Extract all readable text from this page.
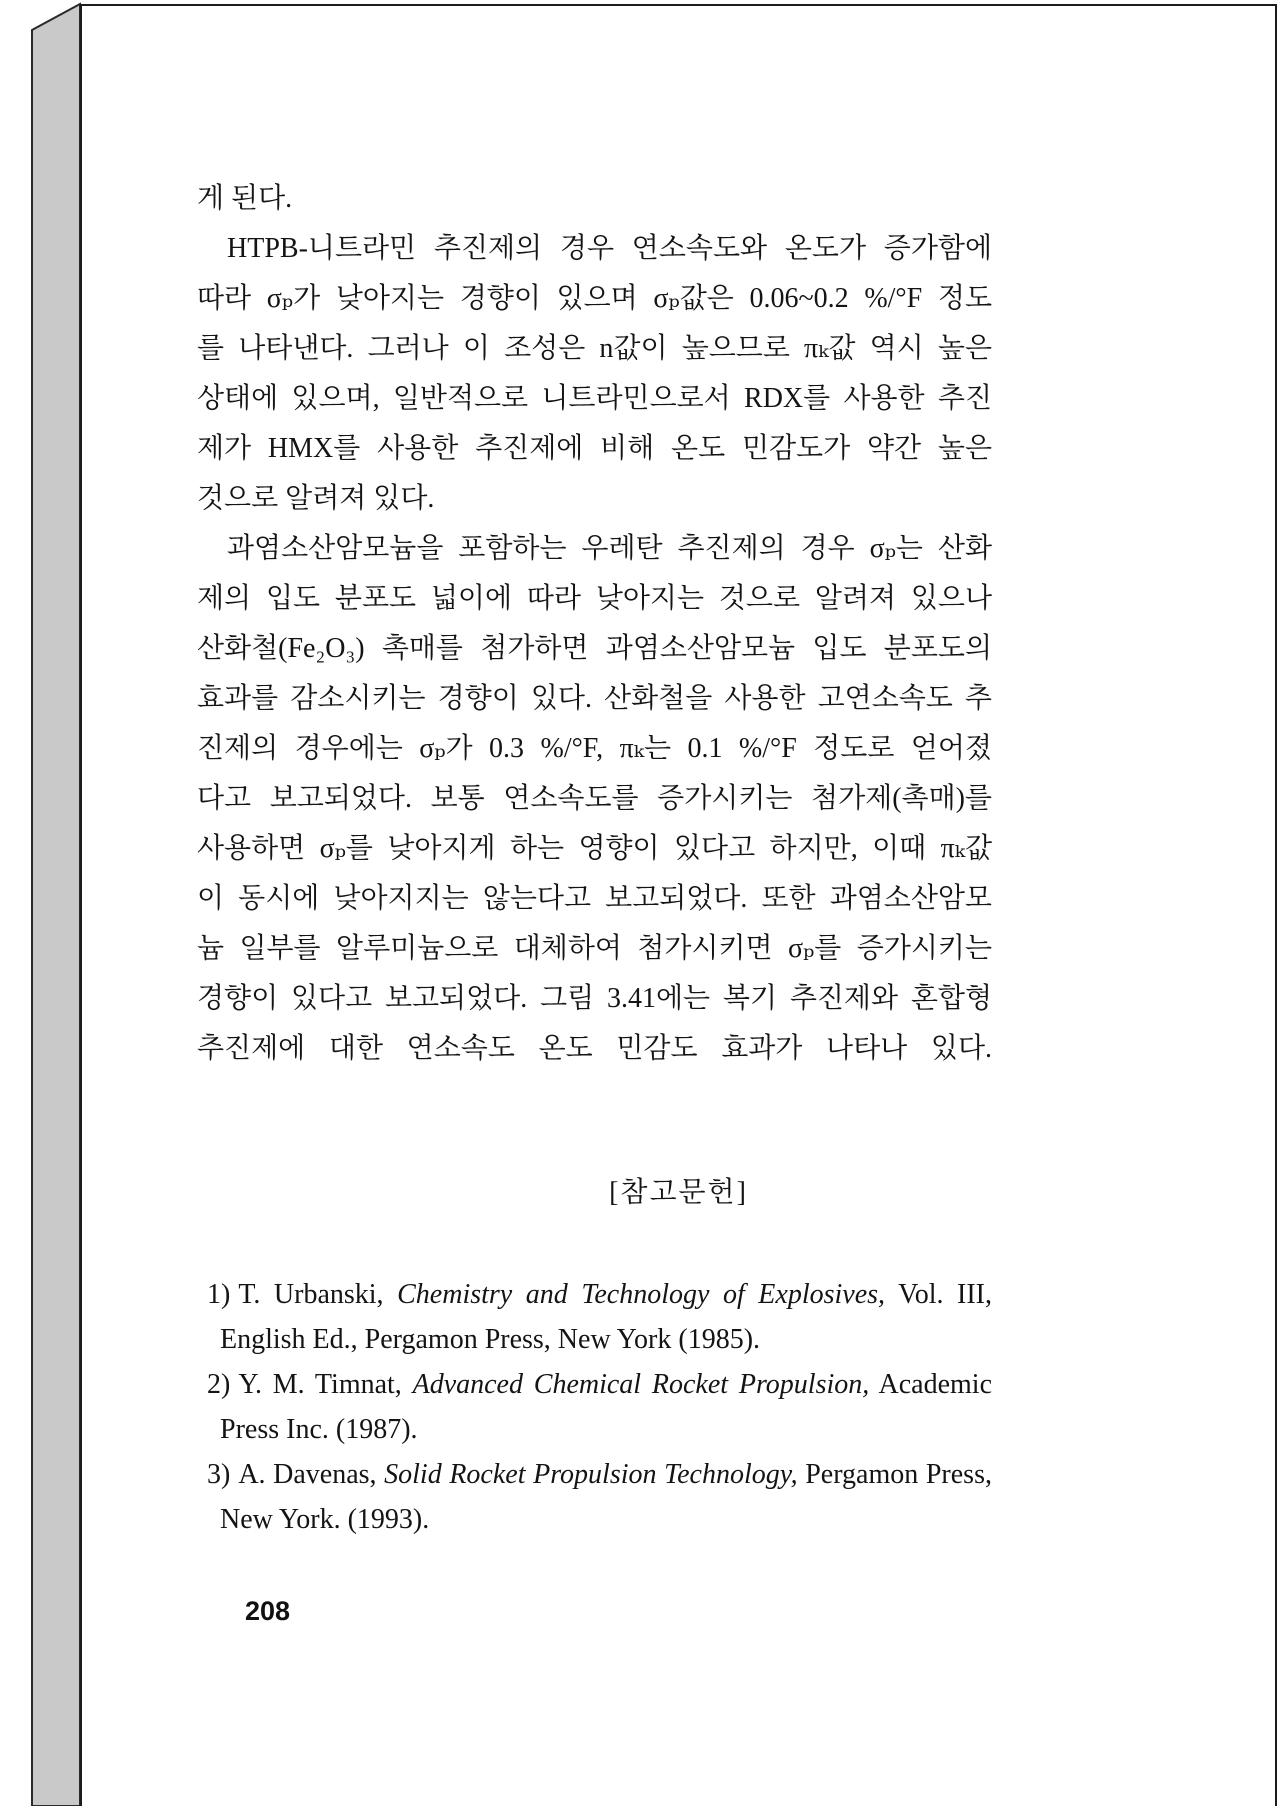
게 된다.
HTPB-니트라민 추진제의 경우 연소속도와 온도가 증가함에
따라 σₚ가 낮아지는 경향이 있으며 σₚ값은 0.06~0.2 %/°F 정도
를 나타낸다. 그러나 이 조성은 n값이 높으므로 πₖ값 역시 높은
상태에 있으며, 일반적으로 니트라민으로서 RDX를 사용한 추진
제가 HMX를 사용한 추진제에 비해 온도 민감도가 약간 높은
것으로 알려져 있다.
과염소산암모늄을 포함하는 우레탄 추진제의 경우 σₚ는 산화
제의 입도 분포도 넓이에 따라 낮아지는 것으로 알려져 있으나
산화철(Fe₂O₃) 촉매를 첨가하면 과염소산암모늄 입도 분포도의
효과를 감소시키는 경향이 있다. 산화철을 사용한 고연소속도 추
진제의 경우에는 σₚ가 0.3 %/°F, πₖ는 0.1 %/°F 정도로 얻어졌
다고 보고되었다. 보통 연소속도를 증가시키는 첨가제(촉매)를
사용하면 σₚ를 낮아지게 하는 영향이 있다고 하지만, 이때 πₖ값
이 동시에 낮아지지는 않는다고 보고되었다. 또한 과염소산암모
늄 일부를 알루미늄으로 대체하여 첨가시키면 σₚ를 증가시키는
경향이 있다고 보고되었다. 그림 3.41에는 복기 추진제와 혼합형
추진제에 대한 연소속도 온도 민감도 효과가 나타나 있다.
[참고문헌]
1) T. Urbanski, Chemistry and Technology of Explosives, Vol. III,
English Ed., Pergamon Press, New York (1985).
2) Y. M. Timnat, Advanced Chemical Rocket Propulsion, Academic
Press Inc. (1987).
3) A. Davenas, Solid Rocket Propulsion Technology, Pergamon Press,
New York. (1993).
208
